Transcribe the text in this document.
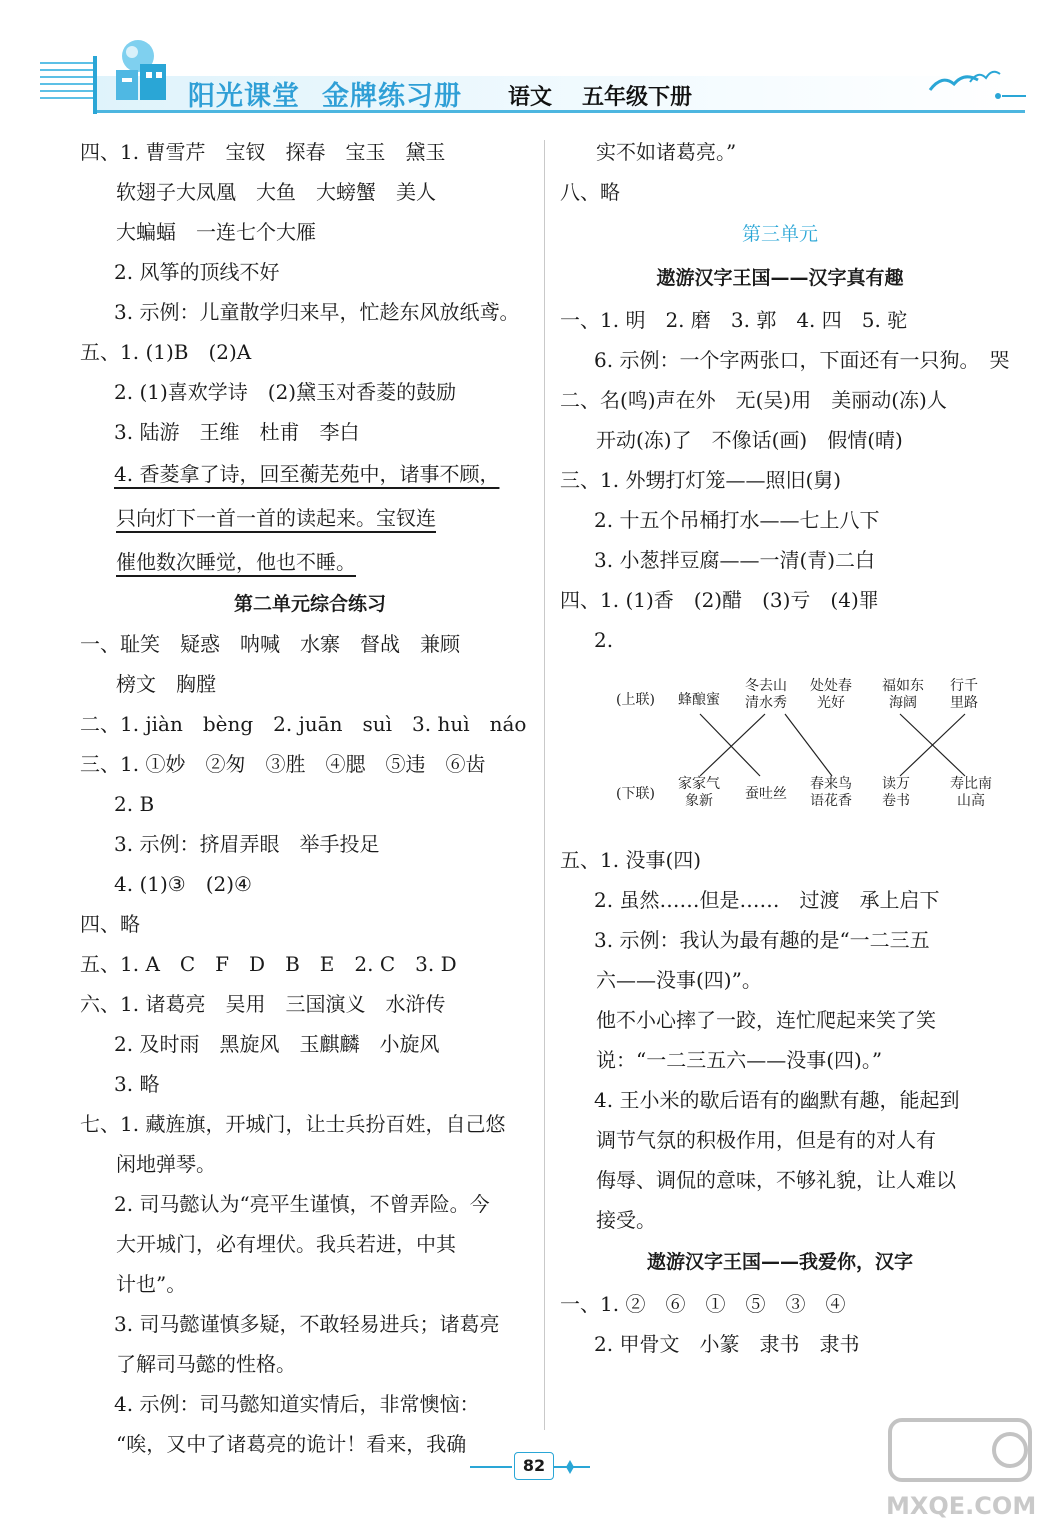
阳光课堂 金牌练习册	语文 五年级下册
四、1. 曹雪芹　宝钗　探春　宝玉　黛玉
软翅子大凤凰　大鱼　大螃蟹　美人
大蝙蝠　一连七个大雁
2. 风筝的顶线不好
3. 示例：儿童散学归来早，忙趁东风放纸鸢。
五、1. (1)B　(2)A
2. (1)喜欢学诗　(2)黛玉对香菱的鼓励
3. 陆游　王维　杜甫　李白
4. 香菱拿了诗，回至蘅芜苑中，诸事不顾，
只向灯下一首一首的读起来。宝钗连
催他数次睡觉，他也不睡。
第二单元综合练习
一、耻笑　疑惑　呐喊　水寨　督战　兼顾
榜文　胸膛
二、1. jiàn　bèng　2. juān　suì　3. huì　náo
三、1. ①妙　②匆　③胜　④腮　⑤违　⑥齿
2. B
3. 示例：挤眉弄眼　举手投足
4. (1)③　(2)④
四、略
五、1. A　C　F　D　B　E　2. C　3. D
六、1. 诸葛亮　吴用　三国演义　水浒传
2. 及时雨　黑旋风　玉麒麟　小旋风
3. 略
七、1. 藏旌旗，开城门，让士兵扮百姓，自己悠
闲地弹琴。
2. 司马懿认为“亮平生谨慎，不曾弄险。今
大开城门，必有埋伏。我兵若进，中其
计也”。
3. 司马懿谨慎多疑，不敢轻易进兵；诸葛亮
了解司马懿的性格。
4. 示例：司马懿知道实情后，非常懊恼：
“唉，又中了诸葛亮的诡计！看来，我确
实不如诸葛亮。”
八、略
第三单元
遨游汉字王国——汉字真有趣
一、1. 明　2. 磨　3. 郭　4. 四　5. 驼
6. 示例：一个字两张口，下面还有一只狗。　哭
二、名(鸣)声在外　无(吴)用　美丽动(冻)人
开动(冻)了　不像话(画)　假情(晴)
三、1. 外甥打灯笼——照旧(舅)
2. 十五个吊桶打水——七上八下
3. 小葱拌豆腐——一清(青)二白
四、1. (1)香　(2)醋　(3)亏　(4)罪
2.
(上联) 蜂酿蜜
冬去山
清水秀
处处春
光好
福如东
海阔
行千
里路
(下联)
家家气
象新	蚕吐丝
春来鸟
语花香
读万
卷书
寿比南
山高
五、1. 没事(四)
2. 虽然……但是……　过渡　承上启下
3. 示例：我认为最有趣的是“一二三五
六——没事(四)”。
他不小心摔了一跤，连忙爬起来笑了笑
说：“一二三五六——没事(四)。”
4. 王小米的歇后语有的幽默有趣，能起到
调节气氛的积极作用，但是有的对人有
侮辱、调侃的意味，不够礼貌，让人难以
接受。
遨游汉字王国——我爱你，汉字
一、1. ②　⑥　①　⑤　③　④
2. 甲骨文　小篆　隶书　隶书
82
MXQE.COM
